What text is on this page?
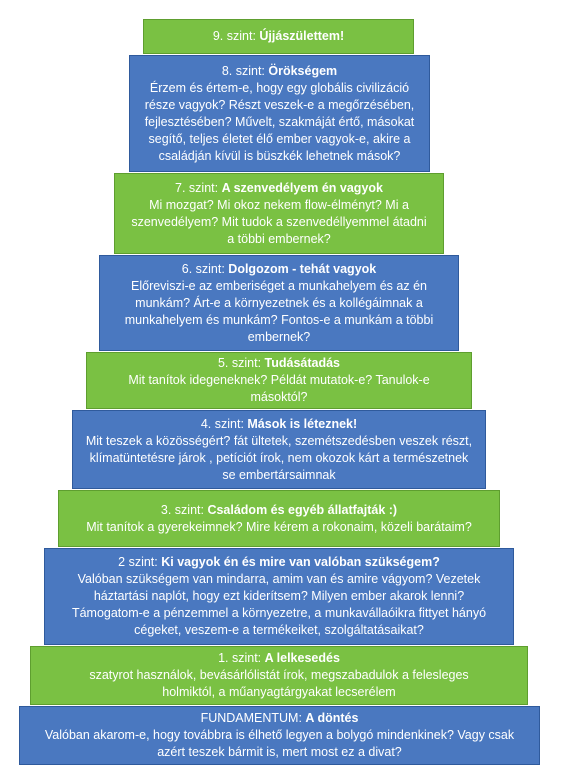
9. szint: Újjászülettem!
8. szint: Örökségem
Érzem és értem-e, hogy egy globális civilizáció része vagyok? Részt veszek-e a megőrzésében, fejlesztésében? Művelt, szakmáját értő, másokat segítő, teljes életet élő ember vagyok-e, akire a családján kívül is büszkék lehetnek mások?
7. szint: A szenvedélyem én vagyok
Mi mozgat? Mi okoz nekem flow-élményt? Mi a szenvedélyem? Mit tudok a szenvedéllyemmel átadni a többi embernek?
6. szint: Dolgozom - tehát vagyok
Előreviszi-e az emberiséget a munkahelyem és az én munkám? Árt-e a környezetnek és a kollégáimnak a munkahelyem és munkám? Fontos-e a munkám a többi embernek?
5. szint: Tudásátadás
Mit tanítok idegeneknek? Példát mutatok-e? Tanulok-e másoktól?
4. szint: Mások is léteznek!
Mit teszek a közösségért? fát ültetek, szemétszedésben veszek részt, klímatüntetésre járok , petíciót írok, nem okozok kárt a természetnek se embertársaimnak
3. szint: Családom és egyéb állatfajták :)
Mit tanítok a gyerekeimnek? Mire kérem a rokonaim, közeli barátaim?
2 szint: Ki vagyok én és mire van valóban szükségem?
Valóban szükségem van mindarra, amim van és amire vágyom? Vezetek háztartási naplót, hogy ezt kiderítsem? Milyen ember akarok lenni? Támogatom-e a pénzemmel a környezetre, a munkavállaóikra fittyet hányó cégeket, veszem-e a termékeiket, szolgáltatásaikat?
1. szint: A lelkesedés
szatyrot használok, bevásárlólistát írok, megszabadulok a felesleges holmiktól, a műanyagtárgyakat lecserélem
FUNDAMENTUM: A döntés
Valóban akarom-e, hogy továbbra is élhető legyen a bolygó mindenkinek? Vagy csak azért teszek bármit is, mert most ez a divat?
